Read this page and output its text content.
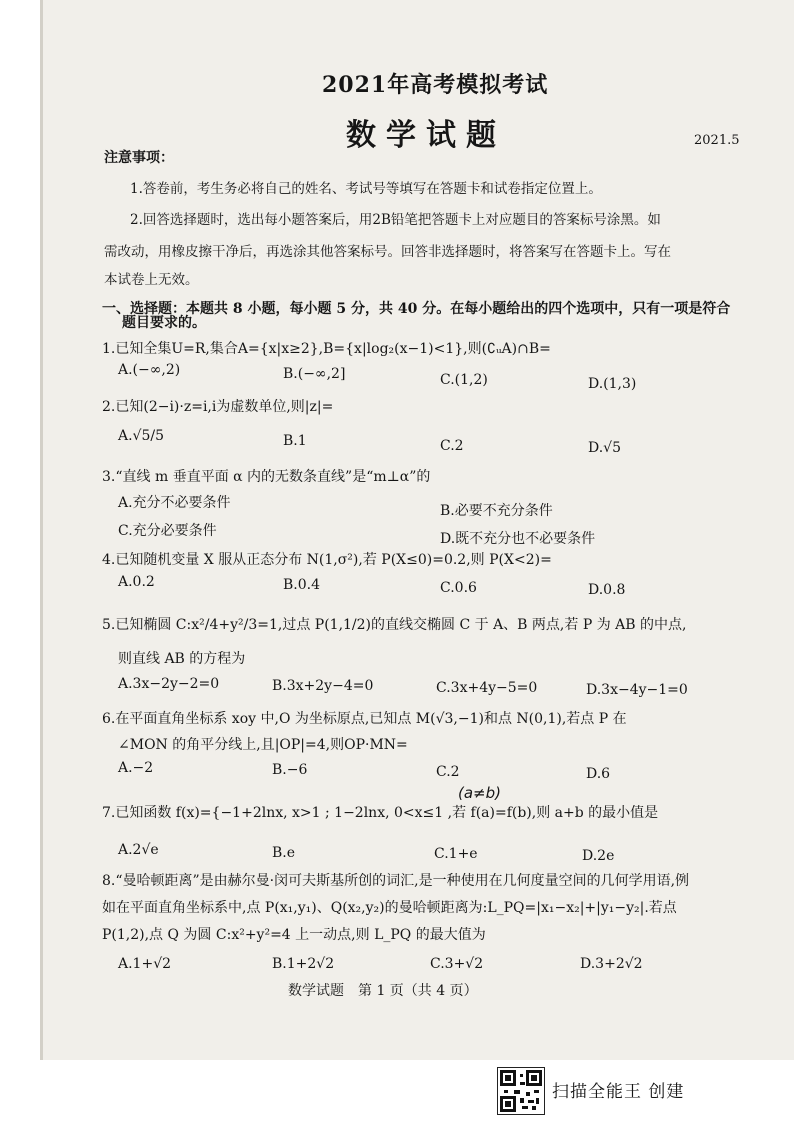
2021年高考模拟考试
数学试题	2021.5
注意事项：
1.答卷前，考生务必将自己的姓名、考试号等填写在答题卡和试卷指定位置上。
2.回答选择题时，选出每小题答案后，用2B铅笔把答题卡上对应题目的答案标号涂黑。如
需改动，用橡皮擦干净后，再选涂其他答案标号。回答非选择题时，将答案写在答题卡上。写在
本试卷上无效。
一、选择题：本题共 8 小题，每小题 5 分，共 40 分。在每小题给出的四个选项中，只有一项是符合
题目要求的。
1.已知全集U=R,集合A={x|x≥2},B={x|log₂(x−1)<1},则(∁ᵤA)∩B=
A.(−∞,2)	B.(−∞,2]	C.(1,2)	D.(1,3)
2.已知(2−i)·z=i,i为虚数单位,则|z|=
A.√5/5	B.1	C.2	D.√5
3.“直线 m 垂直平面 α 内的无数条直线”是“m⊥α”的
A.充分不必要条件	B.必要不充分条件
C.充分必要条件	D.既不充分也不必要条件
4.已知随机变量 X 服从正态分布 N(1,σ²),若 P(X≤0)=0.2,则 P(X<2)=
A.0.2	B.0.4	C.0.6	D.0.8
5.已知椭圆 C:x²/4+y²/3=1,过点 P(1,1/2)的直线交椭圆 C 于 A、B 两点,若 P 为 AB 的中点,
则直线 AB 的方程为
A.3x−2y−2=0	B.3x+2y−4=0	C.3x+4y−5=0	D.3x−4y−1=0
6.在平面直角坐标系 xoy 中,O 为坐标原点,已知点 M(√3,−1)和点 N(0,1),若点 P 在
∠MON 的角平分线上,且|OP|=4,则OP·MN=
A.−2	B.−6	C.2	D.6
(a≠b)
7.已知函数 f(x)={−1+2lnx, x>1 ; 1−2lnx, 0<x≤1 ,若 f(a)=f(b),则 a+b 的最小值是
A.2√e	B.e	C.1+e	D.2e
8.“曼哈顿距离”是由赫尔曼·闵可夫斯基所创的词汇,是一种使用在几何度量空间的几何学用语,例
如在平面直角坐标系中,点 P(x₁,y₁)、Q(x₂,y₂)的曼哈顿距离为:L_PQ=|x₁−x₂|+|y₁−y₂|.若点
P(1,2),点 Q 为圆 C:x²+y²=4 上一动点,则 L_PQ 的最大值为
A.1+√2	B.1+2√2	C.3+√2	D.3+2√2
数学试题　第 1 页（共 4 页）
扫描全能王 创建
